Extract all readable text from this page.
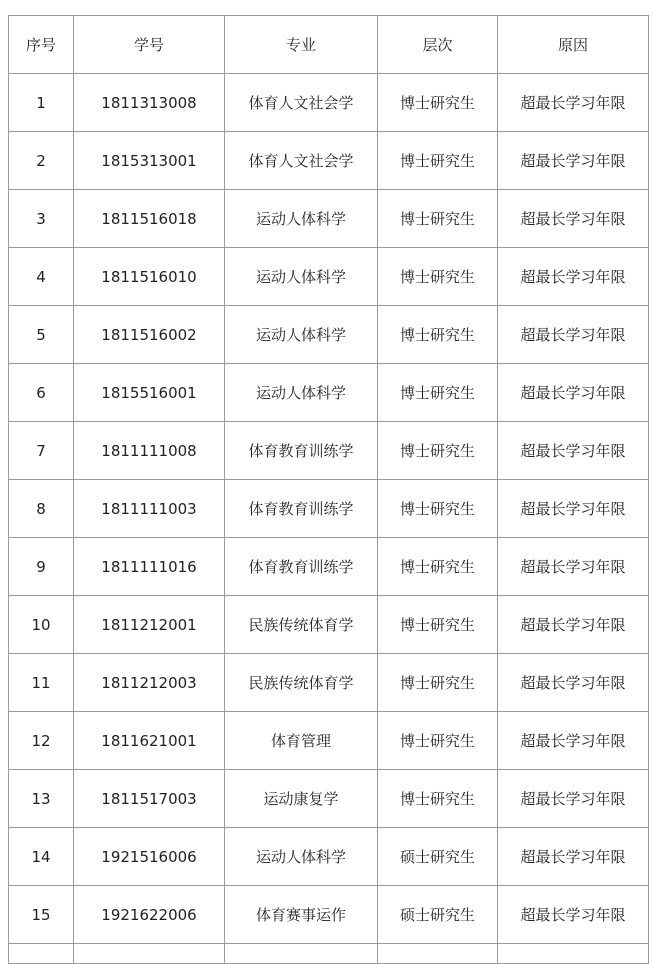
序号	学号	专业	层次	原因
1	1811313008	体育人文社会学	博士研究生	超最长学习年限
2	1815313001	体育人文社会学	博士研究生	超最长学习年限
3	1811516018	运动人体科学	博士研究生	超最长学习年限
4	1811516010	运动人体科学	博士研究生	超最长学习年限
5	1811516002	运动人体科学	博士研究生	超最长学习年限
6	1815516001	运动人体科学	博士研究生	超最长学习年限
7	1811111008	体育教育训练学	博士研究生	超最长学习年限
8	1811111003	体育教育训练学	博士研究生	超最长学习年限
9	1811111016	体育教育训练学	博士研究生	超最长学习年限
10	1811212001	民族传统体育学	博士研究生	超最长学习年限
11	1811212003	民族传统体育学	博士研究生	超最长学习年限
12	1811621001	体育管理	博士研究生	超最长学习年限
13	1811517003	运动康复学	博士研究生	超最长学习年限
14	1921516006	运动人体科学	硕士研究生	超最长学习年限
15	1921622006	体育赛事运作	硕士研究生	超最长学习年限
